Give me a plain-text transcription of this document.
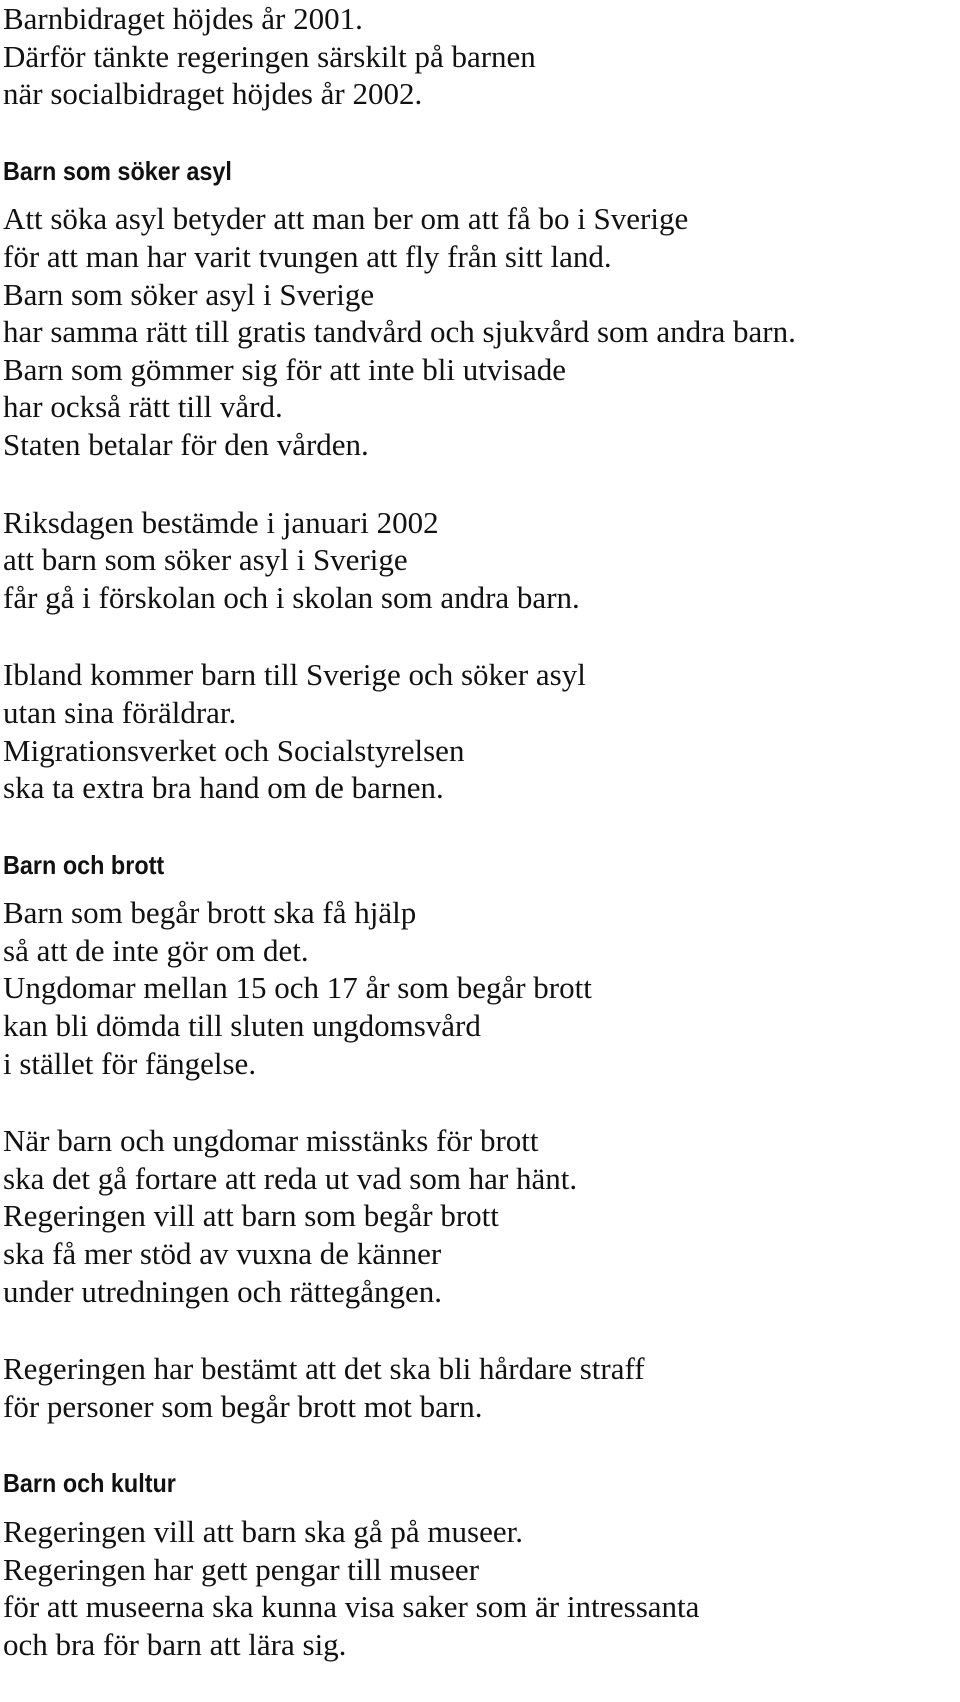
Barnbidraget höjdes år 2001.
Därför tänkte regeringen särskilt på barnen
när socialbidraget höjdes år 2002.
Barn som söker asyl
Att söka asyl betyder att man ber om att få bo i Sverige
för att man har varit tvungen att fly från sitt land.
Barn som söker asyl i Sverige
har samma rätt till gratis tandvård och sjukvård som andra barn.
Barn som gömmer sig för att inte bli utvisade
har också rätt till vård.
Staten betalar för den vården.
Riksdagen bestämde i januari 2002
att barn som söker asyl i Sverige
får gå i förskolan och i skolan som andra barn.
Ibland kommer barn till Sverige och söker asyl
utan sina föräldrar.
Migrationsverket och Socialstyrelsen
ska ta extra bra hand om de barnen.
Barn och brott
Barn som begår brott ska få hjälp
så att de inte gör om det.
Ungdomar mellan 15 och 17 år som begår brott
kan bli dömda till sluten ungdomsvård
i stället för fängelse.
När barn och ungdomar misstänks för brott
ska det gå fortare att reda ut vad som har hänt.
Regeringen vill att barn som begår brott
ska få mer stöd av vuxna de känner
under utredningen och rättegången.
Regeringen har bestämt att det ska bli hårdare straff
för personer som begår brott mot barn.
Barn och kultur
Regeringen vill att barn ska gå på museer.
Regeringen har gett pengar till museer
för att museerna ska kunna visa saker som är intressanta
och bra för barn att lära sig.
